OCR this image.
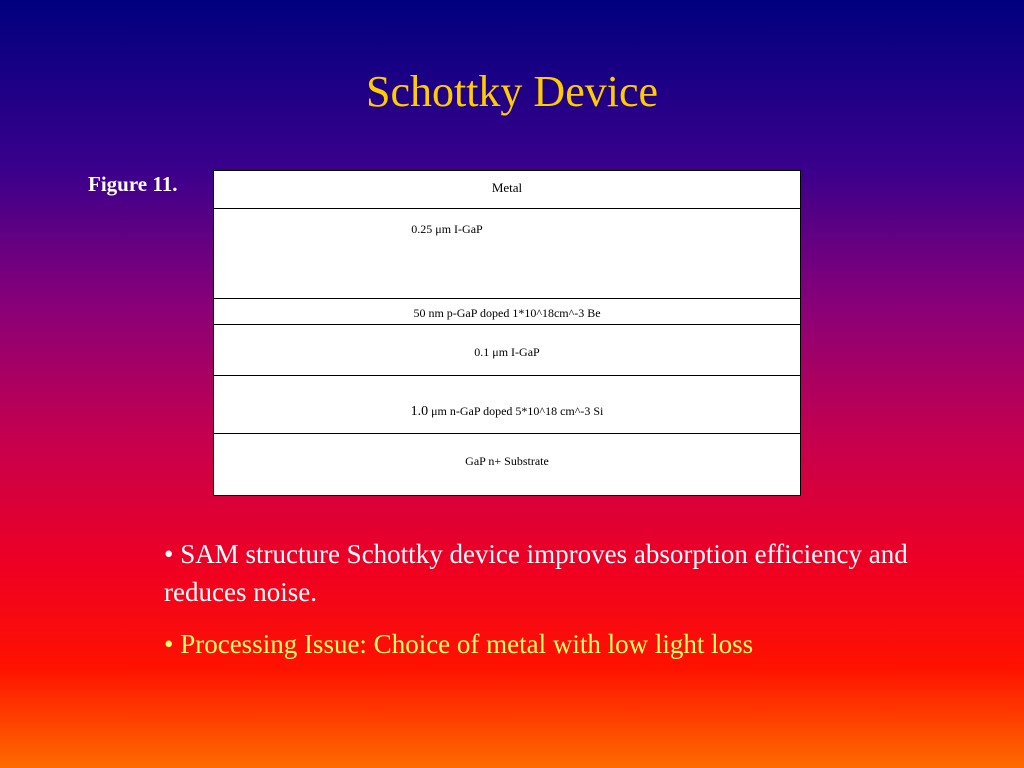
Schottky Device
Figure 11.	Metal
0.25 μm I-GaP
50 nm p-GaP doped 1*10^18cm^-3 Be
0.1 μm I-GaP
1.0 μm n-GaP doped 5*10^18 cm^-3 Si
GaP n+ Substrate

• SAM structure Schottky device improves absorption efficiency and reduces noise.

• Processing Issue: Choice of metal with low light loss
